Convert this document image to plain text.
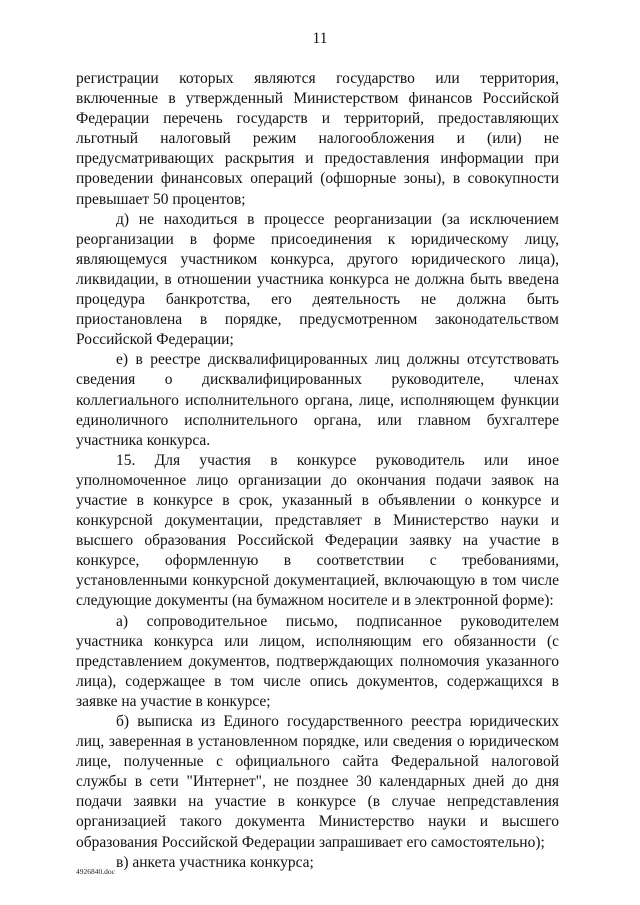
11

регистрации которых являются государство или территория, включенные в утвержденный Министерством финансов Российской Федерации перечень государств и территорий, предоставляющих льготный налоговый режим налогообложения и (или) не предусматривающих раскрытия и предоставления информации при проведении финансовых операций (офшорные зоны), в совокупности превышает 50 процентов;

д) не находиться в процессе реорганизации (за исключением реорганизации в форме присоединения к юридическому лицу, являющемуся участником конкурса, другого юридического лица), ликвидации, в отношении участника конкурса не должна быть введена процедура банкротства, его деятельность не должна быть приостановлена в порядке, предусмотренном законодательством Российской Федерации;

е) в реестре дисквалифицированных лиц должны отсутствовать сведения о дисквалифицированных руководителе, членах коллегиального исполнительного органа, лице, исполняющем функции единоличного исполнительного органа, или главном бухгалтере участника конкурса.

15. Для участия в конкурсе руководитель или иное уполномоченное лицо организации до окончания подачи заявок на участие в конкурсе в срок, указанный в объявлении о конкурсе и конкурсной документации, представляет в Министерство науки и высшего образования Российской Федерации заявку на участие в конкурсе, оформленную в соответствии с требованиями, установленными конкурсной документацией, включающую в том числе следующие документы (на бумажном носителе и в электронной форме):

а) сопроводительное письмо, подписанное руководителем участника конкурса или лицом, исполняющим его обязанности (с представлением документов, подтверждающих полномочия указанного лица), содержащее в том числе опись документов, содержащихся в заявке на участие в конкурсе;

б) выписка из Единого государственного реестра юридических лиц, заверенная в установленном порядке, или сведения о юридическом лице, полученные с официального сайта Федеральной налоговой службы в сети "Интернет", не позднее 30 календарных дней до дня подачи заявки на участие в конкурсе (в случае непредставления организацией такого документа Министерство науки и высшего образования Российской Федерации запрашивает его самостоятельно);

в) анкета участника конкурса;

4926840.doc
